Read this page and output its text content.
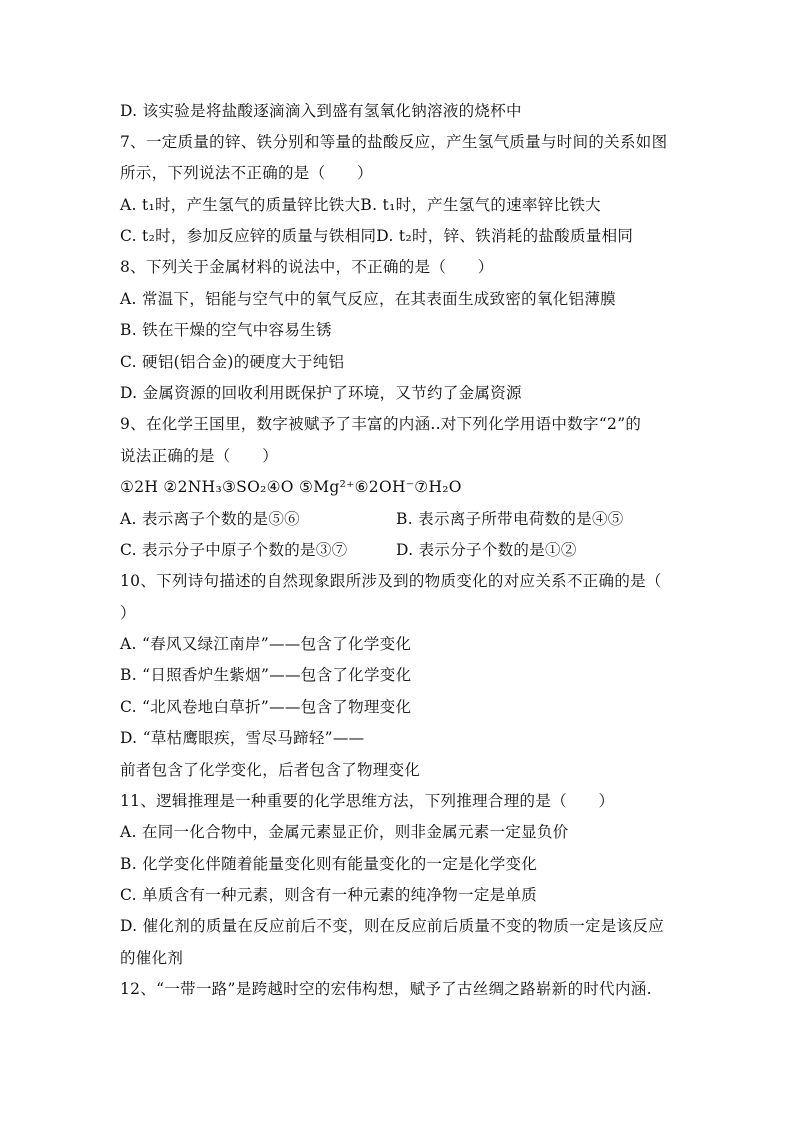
D. 该实验是将盐酸逐滴滴入到盛有氢氧化钠溶液的烧杯中
7、一定质量的锌、铁分别和等量的盐酸反应，产生氢气质量与时间的关系如图
所示，下列说法不正确的是（　　）
A. t₁时，产生氢气的质量锌比铁大B. t₁时，产生氢气的速率锌比铁大
C. t₂时，参加反应锌的质量与铁相同D. t₂时，锌、铁消耗的盐酸质量相同
8、下列关于金属材料的说法中，不正确的是（　　）
A. 常温下，铝能与空气中的氧气反应，在其表面生成致密的氧化铝薄膜
B. 铁在干燥的空气中容易生锈
C. 硬铝(铝合金)的硬度大于纯铝
D. 金属资源的回收利用既保护了环境，又节约了金属资源
9、在化学王国里，数字被赋予了丰富的内涵..对下列化学用语中数字“2”的
说法正确的是（　　）
①2H ②2NH₃③SO₂④O ⑤Mg²⁺⑥2OH⁻⑦H₂O
A. 表示离子个数的是⑤⑥	B. 表示离子所带电荷数的是④⑤
C. 表示分子中原子个数的是③⑦	D. 表示分子个数的是①②
10、下列诗句描述的自然现象跟所涉及到的物质变化的对应关系不正确的是（
）
A. “春风又绿江南岸”——包含了化学变化
B. “日照香炉生紫烟”——包含了化学变化
C. “北风卷地白草折”——包含了物理变化
D. “草枯鹰眼疾，雪尽马蹄轻”——
前者包含了化学变化，后者包含了物理变化
11、逻辑推理是一种重要的化学思维方法，下列推理合理的是（　　）
A. 在同一化合物中，金属元素显正价，则非金属元素一定显负价
B. 化学变化伴随着能量变化则有能量变化的一定是化学变化
C. 单质含有一种元素，则含有一种元素的纯净物一定是单质
D. 催化剂的质量在反应前后不变，则在反应前后质量不变的物质一定是该反应
的催化剂
12、“一带一路”是跨越时空的宏伟构想，赋予了古丝绸之路崭新的时代内涵.
